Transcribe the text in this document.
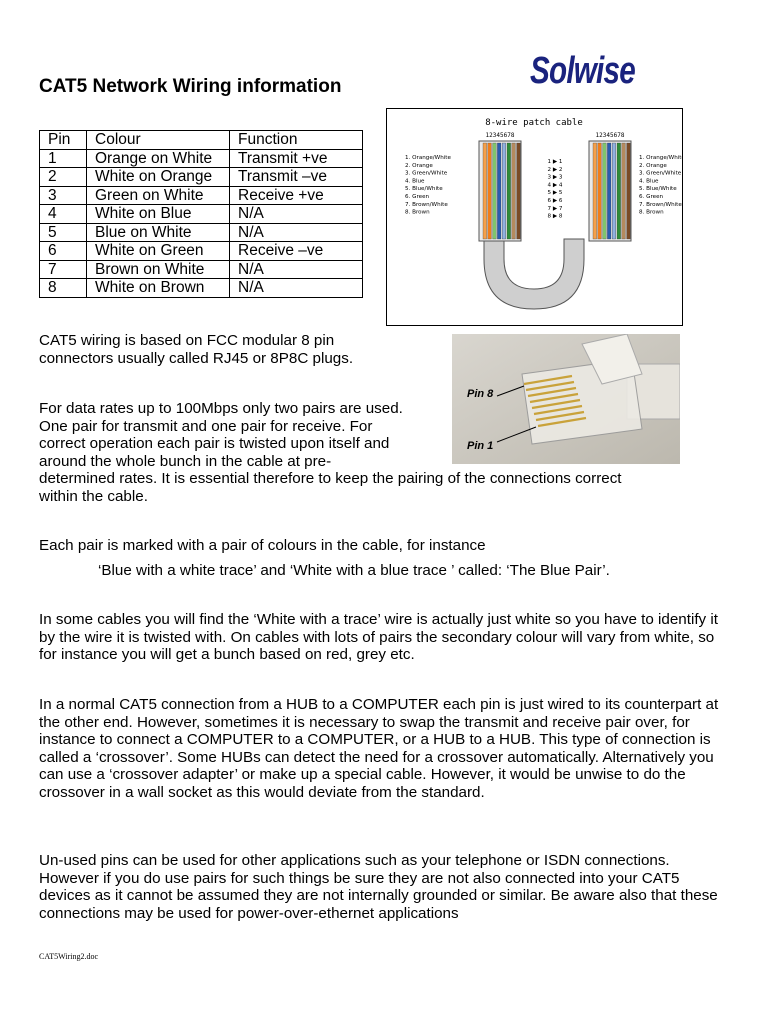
CAT5 Network Wiring information	Solwise
Pin	Colour	Function
1	Orange on White	Transmit +ve
2	White on Orange	Transmit –ve
3	Green on White	Receive +ve
4	White on Blue	N/A
5	Blue on White	N/A
6	White on Green	Receive –ve
7	Brown on White	N/A
8	White on Brown	N/A
8-wire patch cable
12345678	12345678
1. Orange/White
2. Orange
3. Green/White
4. Blue
5. Blue/White
6. Green
7. Brown/White
8. Brown
1. Orange/White
2. Orange
3. Green/White
4. Blue
5. Blue/White
6. Green
7. Brown/White
8. Brown
1 ▶ 1
2 ▶ 2
3 ▶ 3
4 ▶ 4
5 ▶ 5
6 ▶ 6
7 ▶ 7
8 ▶ 8
Pin 8
Pin 1
CAT5 wiring is based on FCC modular 8 pin connectors usually called RJ45 or 8P8C plugs.
For data rates up to 100Mbps only two pairs are used.
One pair for transmit and one pair for receive. For
correct operation each pair is twisted upon itself and
around the whole bunch in the cable at pre-
determined rates. It is essential therefore to keep the pairing of the connections correct
within the cable.
Each pair is marked with a pair of colours in the cable, for instance
‘Blue with a white trace’ and ‘White with a blue trace ’ called: ‘The Blue Pair’.
In some cables you will find the ‘White with a trace’ wire is actually just white so you have to identify it by the wire it is twisted with. On cables with lots of pairs the secondary colour will vary from white, so for instance you will get a bunch based on red, grey etc.
In a normal CAT5 connection from a HUB to a COMPUTER each pin is just wired to its counterpart at the other end. However, sometimes it is necessary to swap the transmit and receive pair over, for instance to connect a COMPUTER to a COMPUTER, or a HUB to a HUB. This type of connection is called a ‘crossover’. Some HUBs can detect the need for a crossover automatically. Alternatively you can use a ‘crossover adapter’ or make up a special cable. However, it would be unwise to do the crossover in a wall socket as this would deviate from the standard.
Un-used pins can be used for other applications such as your telephone or ISDN connections. However if you do use pairs for such things be sure they are not also connected into your CAT5 devices as it cannot be assumed they are not internally grounded or similar. Be aware also that these connections may be used for power-over-ethernet applications
CAT5Wiring2.doc
